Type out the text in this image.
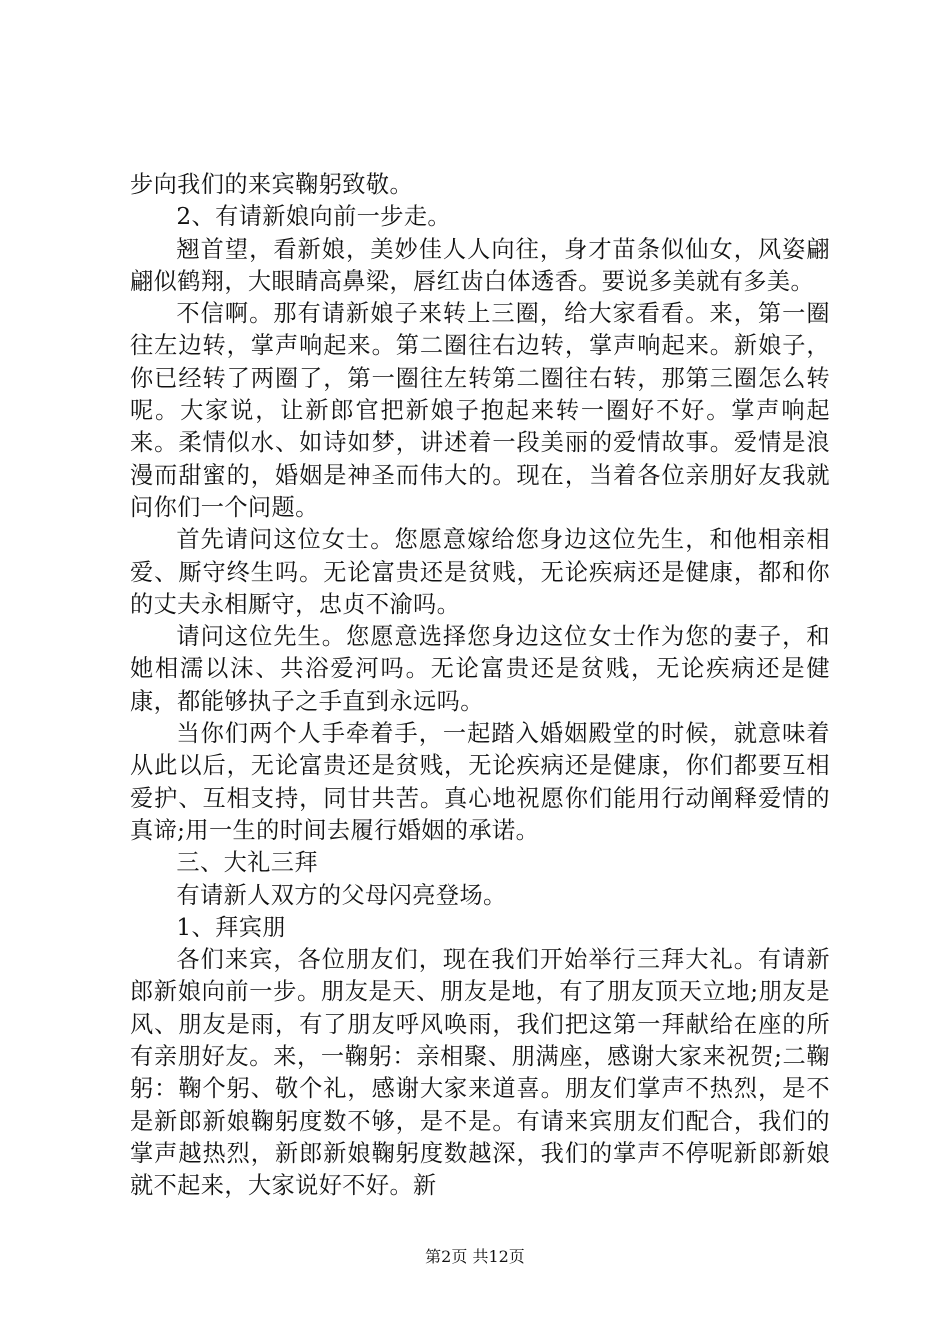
步向我们的来宾鞠躬致敬。

2、有请新娘向前一步走。

翘首望，看新娘，美妙佳人人向往，身才苗条似仙女，风姿翩翩似鹤翔，大眼睛高鼻梁，唇红齿白体透香。要说多美就有多美。

不信啊。那有请新娘子来转上三圈，给大家看看。来，第一圈往左边转，掌声响起来。第二圈往右边转，掌声响起来。新娘子，你已经转了两圈了，第一圈往左转第二圈往右转，那第三圈怎么转呢。大家说，让新郎官把新娘子抱起来转一圈好不好。掌声响起来。柔情似水、如诗如梦，讲述着一段美丽的爱情故事。爱情是浪漫而甜蜜的，婚姻是神圣而伟大的。现在，当着各位亲朋好友我就问你们一个问题。

首先请问这位女士。您愿意嫁给您身边这位先生，和他相亲相爱、厮守终生吗。无论富贵还是贫贱，无论疾病还是健康，都和你的丈夫永相厮守，忠贞不渝吗。

请问这位先生。您愿意选择您身边这位女士作为您的妻子，和她相濡以沫、共浴爱河吗。无论富贵还是贫贱，无论疾病还是健康，都能够执子之手直到永远吗。

当你们两个人手牵着手，一起踏入婚姻殿堂的时候，就意味着从此以后，无论富贵还是贫贱，无论疾病还是健康，你们都要互相爱护、互相支持，同甘共苦。真心地祝愿你们能用行动阐释爱情的真谛;用一生的时间去履行婚姻的承诺。

三、大礼三拜

有请新人双方的父母闪亮登场。

1、拜宾朋

各们来宾，各位朋友们，现在我们开始举行三拜大礼。有请新郎新娘向前一步。朋友是天、朋友是地，有了朋友顶天立地;朋友是风、朋友是雨，有了朋友呼风唤雨，我们把这第一拜献给在座的所有亲朋好友。来，一鞠躬：亲相聚、朋满座，感谢大家来祝贺;二鞠躬：鞠个躬、敬个礼，感谢大家来道喜。朋友们掌声不热烈，是不是新郎新娘鞠躬度数不够，是不是。有请来宾朋友们配合，我们的掌声越热烈，新郎新娘鞠躬度数越深，我们的掌声不停呢新郎新娘就不起来，大家说好不好。新

第2页 共12页
